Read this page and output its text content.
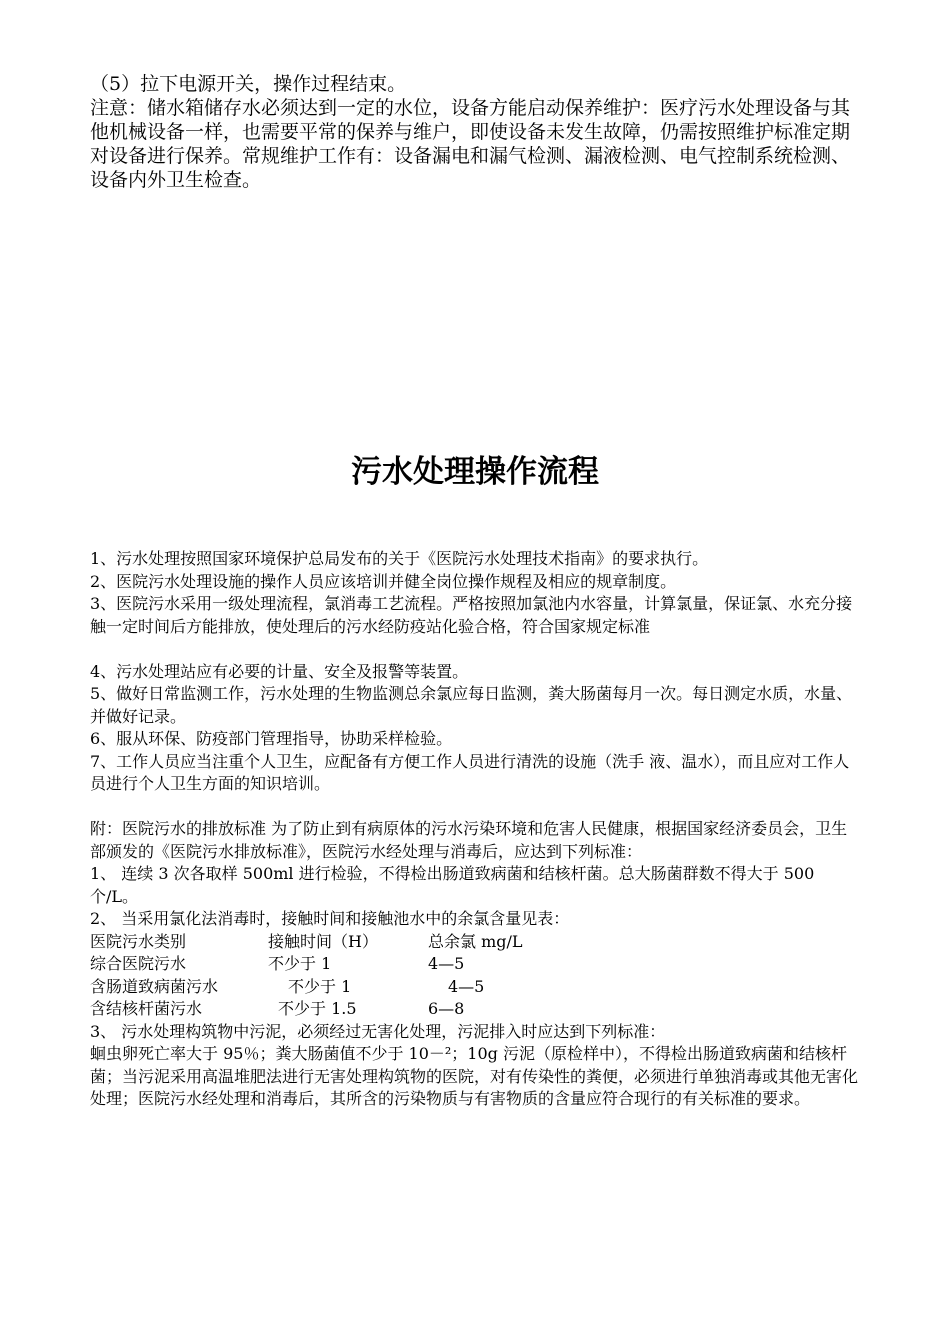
（5）拉下电源开关，操作过程结束。

注意：储水箱储存水必须达到一定的水位，设备方能启动保养维护：医疗污水处理设备与其他机械设备一样，也需要平常的保养与维户，即使设备未发生故障，仍需按照维护标准定期对设备进行保养。常规维护工作有：设备漏电和漏气检测、漏液检测、电气控制系统检测、设备内外卫生检查。

污水处理操作流程

1、污水处理按照国家环境保护总局发布的关于《医院污水处理技术指南》的要求执行。

2、医院污水处理设施的操作人员应该培训并健全岗位操作规程及相应的规章制度。

3、医院污水采用一级处理流程，氯消毒工艺流程。严格按照加氯池内水容量，计算氯量，保证氯、水充分接触一定时间后方能排放，使处理后的污水经防疫站化验合格，符合国家规定标准

4、污水处理站应有必要的计量、安全及报警等装置。

5、做好日常监测工作，污水处理的生物监测总余氯应每日监测，粪大肠菌每月一次。每日测定水质，水量、并做好记录。

6、服从环保、防疫部门管理指导，协助采样检验。

7、工作人员应当注重个人卫生，应配备有方便工作人员进行清洗的设施（洗手 液、温水），而且应对工作人员进行个人卫生方面的知识培训。

附：医院污水的排放标准 为了防止到有病原体的污水污染环境和危害人民健康，根据国家经济委员会，卫生部颁发的《医院污水排放标准》，医院污水经处理与消毒后，应达到下列标准：

1、 连续 3 次各取样 500ml 进行检验，不得检出肠道致病菌和结核杆菌。总大肠菌群数不得大于 500 个/L。

2、 当采用氯化法消毒时，接触时间和接触池水中的余氯含量见表：

医院污水类别	接触时间（H）	总余氯 mg/L
综合医院污水	不少于 1	4—5
含肠道致病菌污水	不少于 1	4—5
含结核杆菌污水	不少于 1.5	6—8

3、 污水处理构筑物中污泥，必须经过无害化处理，污泥排入时应达到下列标准：

蛔虫卵死亡率大于 95％；粪大肠菌值不少于 10－²；10g 污泥（原检样中），不得检出肠道致病菌和结核杆菌；当污泥采用高温堆肥法进行无害处理构筑物的医院，对有传染性的粪便，必须进行单独消毒或其他无害化处理；医院污水经处理和消毒后，其所含的污染物质与有害物质的含量应符合现行的有关标准的要求。
